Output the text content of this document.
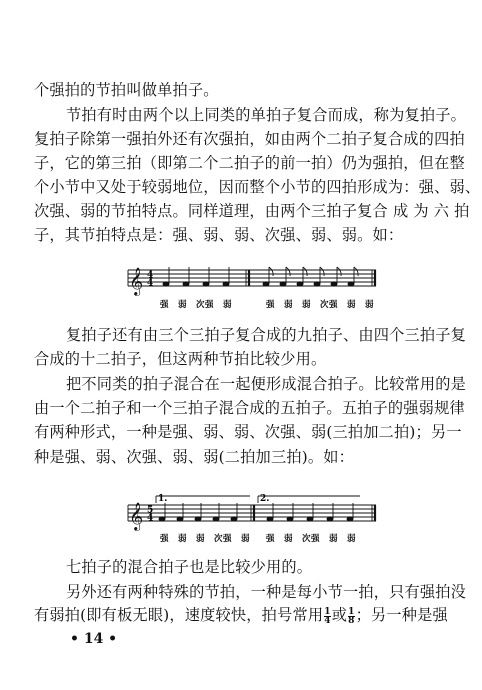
个强拍的节拍叫做单拍子。
节拍有时由两个以上同类的单拍子复合而成，称为复拍子。
复拍子除第一强拍外还有次强拍，如由两个二拍子复合成的四拍
子，它的第三拍（即第二个二拍子的前一拍）仍为强拍，但在整
个小节中又处于较弱地位，因而整个小节的四拍形成为：强、弱、
次强、弱的节拍特点。同样道理，由两个三拍子复合 成 为 六 拍
子，其节拍特点是：强、弱、弱、次强、弱、弱。如：
𝄞 4
4
强　弱　次强　弱	强　弱　弱　次强　弱　弱
复拍子还有由三个三拍子复合成的九拍子、由四个三拍子复
合成的十二拍子，但这两种节拍比较少用。
把不同类的拍子混合在一起便形成混合拍子。比较常用的是
由一个二拍子和一个三拍子混合成的五拍子。五拍子的强弱规律
有两种形式，一种是强、弱、弱、次强、弱(三拍加二拍)；另一
种是强、弱、次强、弱、弱(二拍加三拍)。如：
1.	2.
𝄞 5
4
强　弱　弱　次强　弱 强　弱　次强　弱　弱
七拍子的混合拍子也是比较少用的。
另外还有两种特殊的节拍，一种是每小节一拍，只有强拍没
有弱拍(即有板无眼)，速度较快，拍号常用 $\frac{1}{4}$ 或 $\frac{1}{8}$ ；另一种是强
• 14 •
